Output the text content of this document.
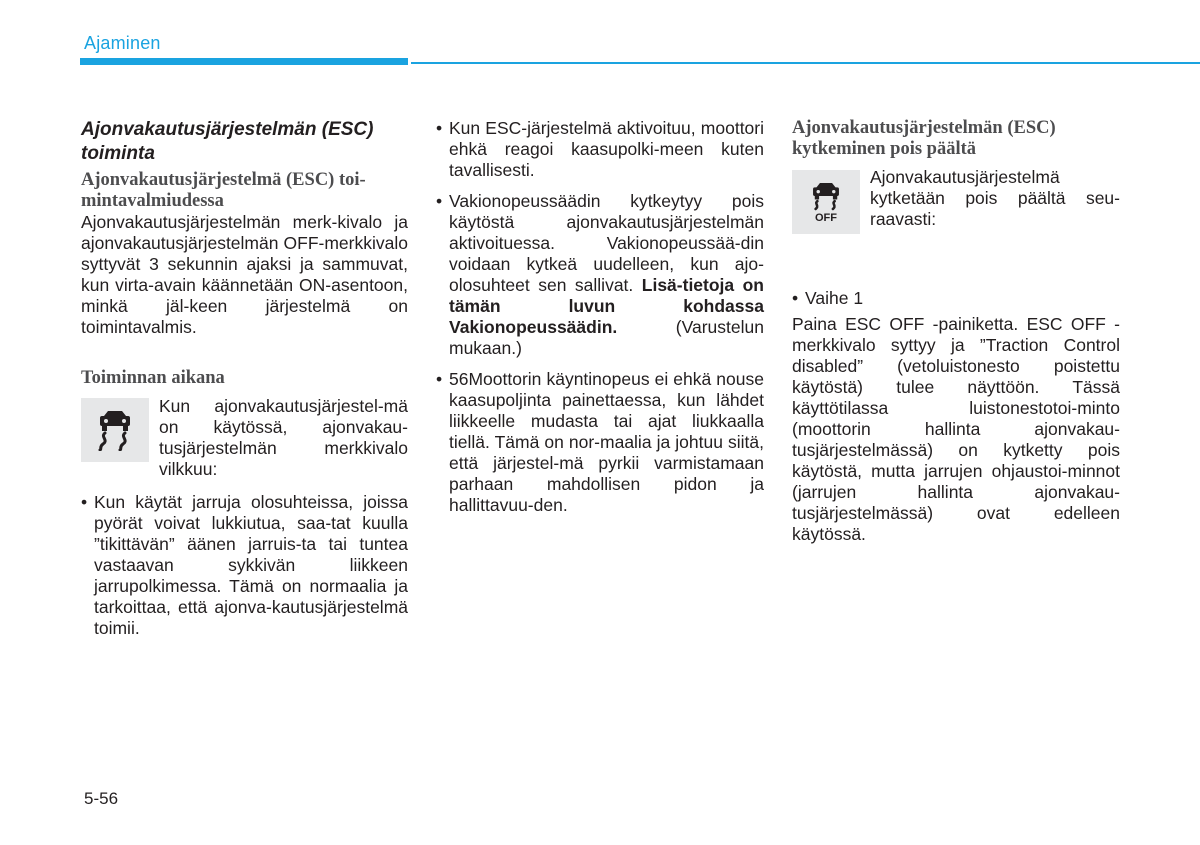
Ajaminen
Ajonvakautusjärjestelmän (ESC) toiminta
Ajonvakautusjärjestelmä (ESC) toi-mintavalmiudessa

Ajonvakautusjärjestelmän merk-kivalo ja ajonvakautusjärjestelmän OFF-merkkivalo syttyvät 3 sekunnin ajaksi ja sammuvat, kun virta-avain käännetään ON-asentoon, minkä jäl-keen järjestelmä on toimintavalmis.

Toiminnan aikana
Kun ajonvakautusjärjestel-mä on käytössä, ajonvakau-tusjärjestelmän merkkivalo vilkkuu:
• Kun käytät jarruja olosuhteissa, joissa pyörät voivat lukkiutua, saa-tat kuulla ”tikittävän” äänen jarruis-ta tai tuntea vastaavan sykkivän liikkeen jarrupolkimessa. Tämä on normaalia ja tarkoittaa, että ajonva-kautusjärjestelmä toimii.
• Kun ESC-järjestelmä aktivoituu, moottori ehkä reagoi kaasupolki-meen kuten tavallisesti.
• Vakionopeussäädin kytkeytyy pois käytöstä ajonvakautusjärjestelmän aktivoituessa. Vakionopeussää-din voidaan kytkeä uudelleen, kun ajo-olosuhteet sen sallivat. Lisä-tietoja on tämän luvun kohdassa Vakionopeussäädin. (Varustelun mukaan.)
• 56Moottorin käyntinopeus ei ehkä nouse kaasupoljinta painettaessa, kun lähdet liikkeelle mudasta tai ajat liukkaalla tiellä. Tämä on nor-maalia ja johtuu siitä, että järjestel-mä pyrkii varmistamaan parhaan mahdollisen pidon ja hallittavuu-den.
Ajonvakautusjärjestelmän (ESC) kytkeminen pois päältä
OFF
Ajonvakautusjärjestelmä kytketään pois päältä seu-raavasti:
• Vaihe 1

Paina ESC OFF -painiketta. ESC OFF -merkkivalo syttyy ja ”Traction Control disabled” (vetoluistonesto poistettu käytöstä) tulee näyttöön. Tässä käyttötilassa luistonestotoi-minto (moottorin hallinta ajonvakau-tusjärjestelmässä) on kytketty pois käytöstä, mutta jarrujen ohjaustoi-minnot (jarrujen hallinta ajonvakau-tusjärjestelmässä) ovat edelleen käytössä.

5-56
